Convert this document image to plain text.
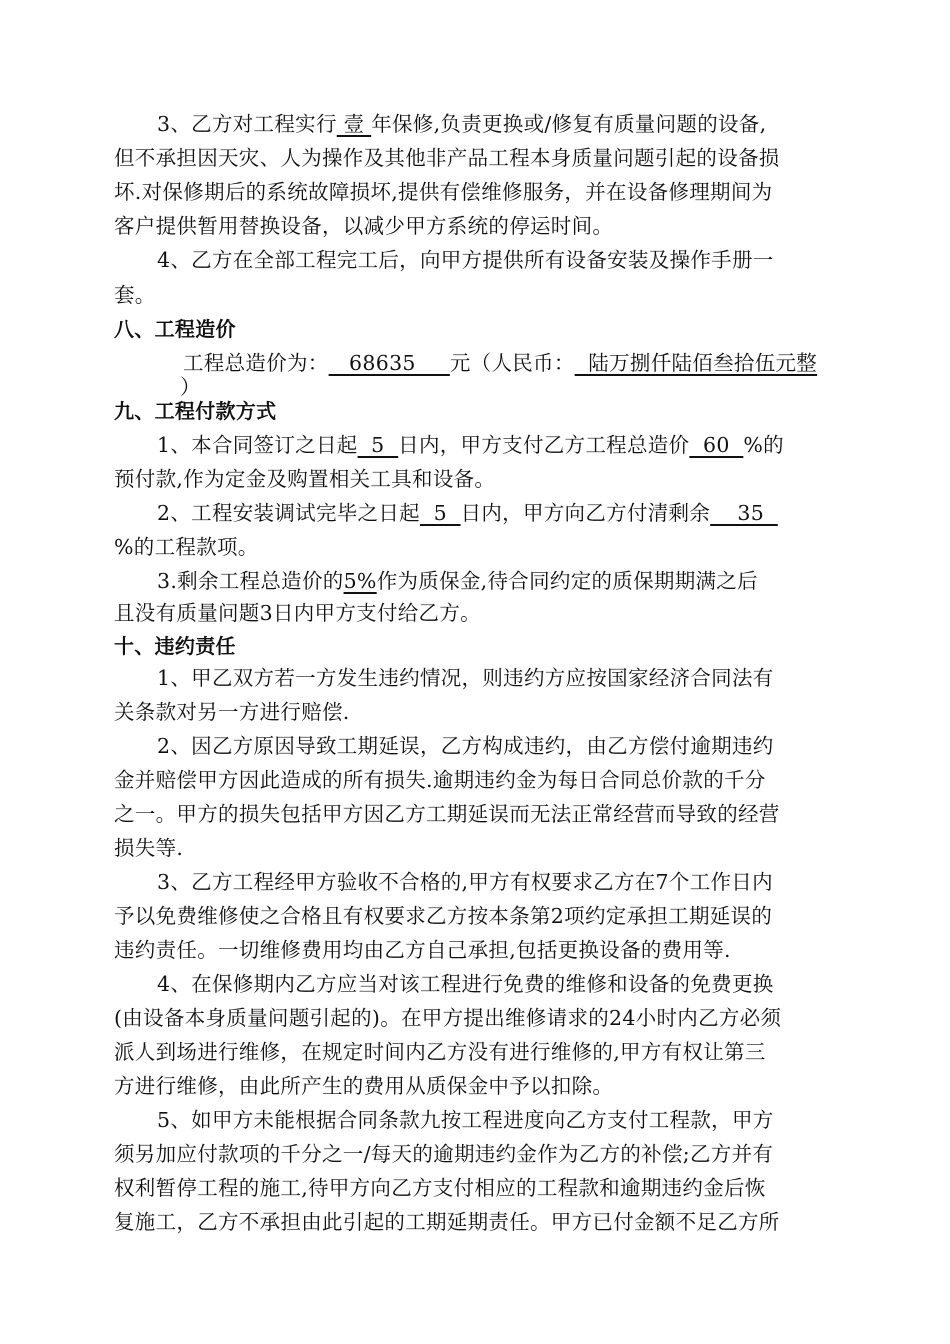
3、乙方对工程实行 壹 年保修,负责更换或/修复有质量问题的设备,
但不承担因天灾、人为操作及其他非产品工程本身质量问题引起的设备损
坏.对保修期后的系统故障损坏,提供有偿维修服务，并在设备修理期间为
客户提供暂用替换设备，以减少甲方系统的停运时间。
4、乙方在全部工程完工后，向甲方提供所有设备安装及操作手册一
套。
八、工程造价
工程总造价为：   68635     元（人民币：  陆万捌仟陆佰叁拾伍元整
）
九、工程付款方式
1、本合同签订之日起  5  日内，甲方支付乙方工程总造价  60  %的
预付款,作为定金及购置相关工具和设备。
2、工程安装调试完毕之日起  5  日内，甲方向乙方付清剩余    35
%的工程款项。
3.剩余工程总造价的5%作为质保金,待合同约定的质保期期满之后
且没有质量问题3日内甲方支付给乙方。
十、违约责任
1、甲乙双方若一方发生违约情况，则违约方应按国家经济合同法有
关条款对另一方进行赔偿.
2、因乙方原因导致工期延误，乙方构成违约，由乙方偿付逾期违约
金并赔偿甲方因此造成的所有损失.逾期违约金为每日合同总价款的千分
之一。甲方的损失包括甲方因乙方工期延误而无法正常经营而导致的经营
损失等.
3、乙方工程经甲方验收不合格的,甲方有权要求乙方在7个工作日内
予以免费维修使之合格且有权要求乙方按本条第2项约定承担工期延误的
违约责任。一切维修费用均由乙方自己承担,包括更换设备的费用等.
4、在保修期内乙方应当对该工程进行免费的维修和设备的免费更换
(由设备本身质量问题引起的)。在甲方提出维修请求的24小时内乙方必须
派人到场进行维修，在规定时间内乙方没有进行维修的,甲方有权让第三
方进行维修，由此所产生的费用从质保金中予以扣除。
5、如甲方未能根据合同条款九按工程进度向乙方支付工程款，甲方
须另加应付款项的千分之一/每天的逾期违约金作为乙方的补偿;乙方并有
权利暂停工程的施工,待甲方向乙方支付相应的工程款和逾期违约金后恢
复施工，乙方不承担由此引起的工期延期责任。甲方已付金额不足乙方所
